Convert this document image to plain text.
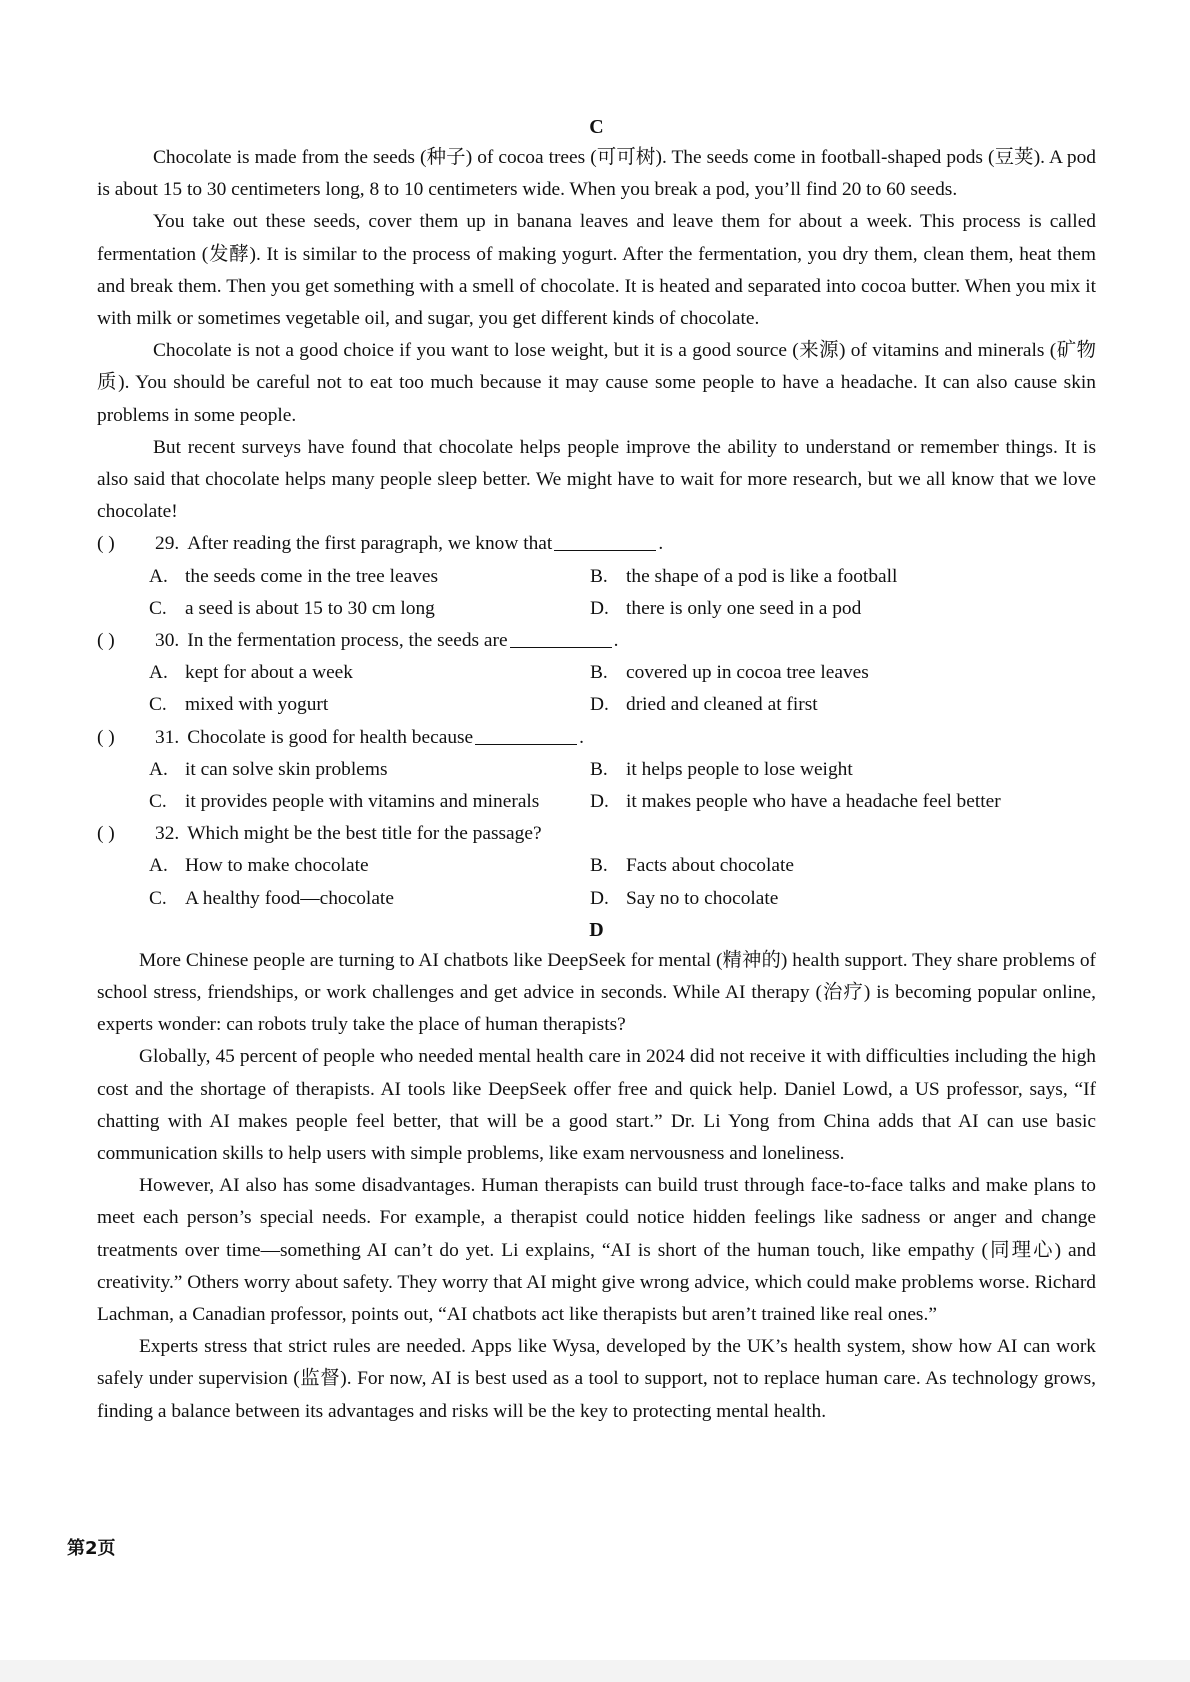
C

Chocolate is made from the seeds (种子) of cocoa trees (可可树). The seeds come in football-shaped pods (豆荚). A pod is about 15 to 30 centimeters long, 8 to 10 centimeters wide. When you break a pod, you’ll find 20 to 60 seeds.

You take out these seeds, cover them up in banana leaves and leave them for about a week. This process is called fermentation (发酵). It is similar to the process of making yogurt. After the fermentation, you dry them, clean them, heat them and break them. Then you get something with a smell of chocolate. It is heated and separated into cocoa butter. When you mix it with milk or sometimes vegetable oil, and sugar, you get different kinds of chocolate.

Chocolate is not a good choice if you want to lose weight, but it is a good source (来源) of vitamins and minerals (矿物质). You should be careful not to eat too much because it may cause some people to have a headache. It can also cause skin problems in some people.

But recent surveys have found that chocolate helps people improve the ability to understand or remember things. It is also said that chocolate helps many people sleep better. We might have to wait for more research, but we all know that we love chocolate!

( )	29. After reading the first paragraph, we know that	.
A. the seeds come in the tree leaves	B. the shape of a pod is like a football
C. a seed is about 15 to 30 cm long	D. there is only one seed in a pod
( )	30. In the fermentation process, the seeds are	.
A. kept for about a week	B. covered up in cocoa tree leaves
C. mixed with yogurt	D. dried and cleaned at first
( )	31. Chocolate is good for health because	.
A. it can solve skin problems	B. it helps people to lose weight
C. it provides people with vitamins and minerals	D. it makes people who have a headache feel better
( )	32. Which might be the best title for the passage?
A. How to make chocolate	B. Facts about chocolate
C. A healthy food—chocolate	D. Say no to chocolate
D

More Chinese people are turning to AI chatbots like DeepSeek for mental (精神的) health support. They share problems of school stress, friendships, or work challenges and get advice in seconds. While AI therapy (治疗) is becoming popular online, experts wonder: can robots truly take the place of human therapists?

Globally, 45 percent of people who needed mental health care in 2024 did not receive it with difficulties including the high cost and the shortage of therapists. AI tools like DeepSeek offer free and quick help. Daniel Lowd, a US professor, says, “If chatting with AI makes people feel better, that will be a good start.” Dr. Li Yong from China adds that AI can use basic communication skills to help users with simple problems, like exam nervousness and loneliness.

However, AI also has some disadvantages. Human therapists can build trust through face-to-face talks and make plans to meet each person’s special needs. For example, a therapist could notice hidden feelings like sadness or anger and change treatments over time—something AI can’t do yet. Li explains, “AI is short of the human touch, like empathy (同理心) and creativity.” Others worry about safety. They worry that AI might give wrong advice, which could make problems worse. Richard Lachman, a Canadian professor, points out, “AI chatbots act like therapists but aren’t trained like real ones.”

Experts stress that strict rules are needed. Apps like Wysa, developed by the UK’s health system, show how AI can work safely under supervision (监督). For now, AI is best used as a tool to support, not to replace human care. As technology grows, finding a balance between its advantages and risks will be the key to protecting mental health.

第2页
